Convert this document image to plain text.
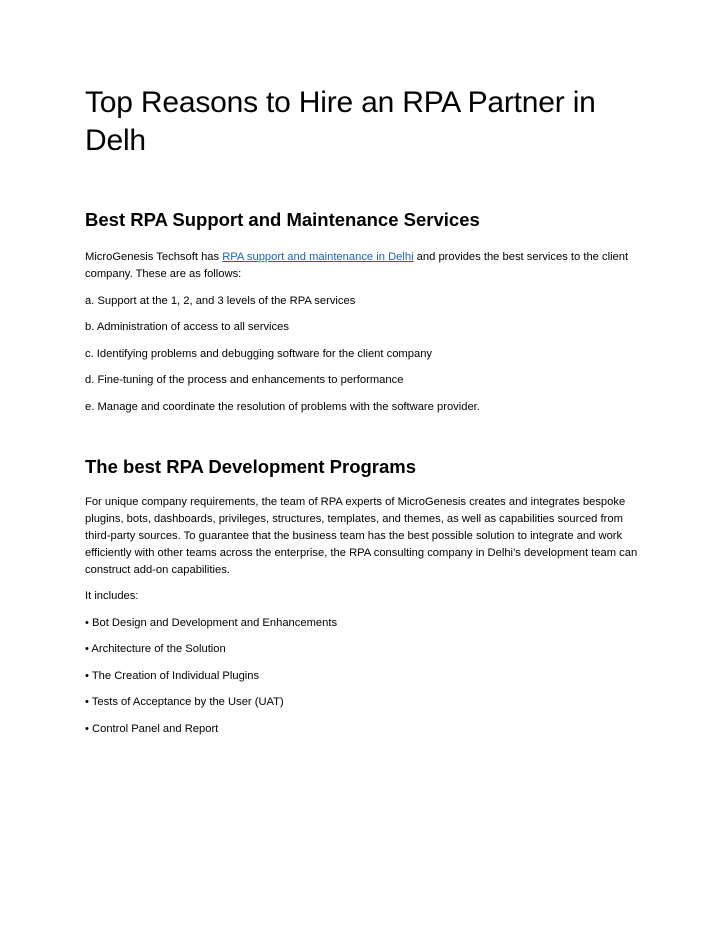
Top Reasons to Hire an RPA Partner in Delh
Best RPA Support and Maintenance Services

MicroGenesis Techsoft has RPA support and maintenance in Delhi and provides the best services to the client company. These are as follows:

a. Support at the 1, 2, and 3 levels of the RPA services

b. Administration of access to all services

c. Identifying problems and debugging software for the client company

d. Fine-tuning of the process and enhancements to performance

e. Manage and coordinate the resolution of problems with the software provider.

The best RPA Development Programs

For unique company requirements, the team of RPA experts of MicroGenesis creates and integrates bespoke plugins, bots, dashboards, privileges, structures, templates, and themes, as well as capabilities sourced from third-party sources. To guarantee that the business team has the best possible solution to integrate and work efficiently with other teams across the enterprise, the RPA consulting company in Delhi’s development team can construct add-on capabilities.

It includes:

• Bot Design and Development and Enhancements

• Architecture of the Solution

• The Creation of Individual Plugins

• Tests of Acceptance by the User (UAT)

• Control Panel and Report
